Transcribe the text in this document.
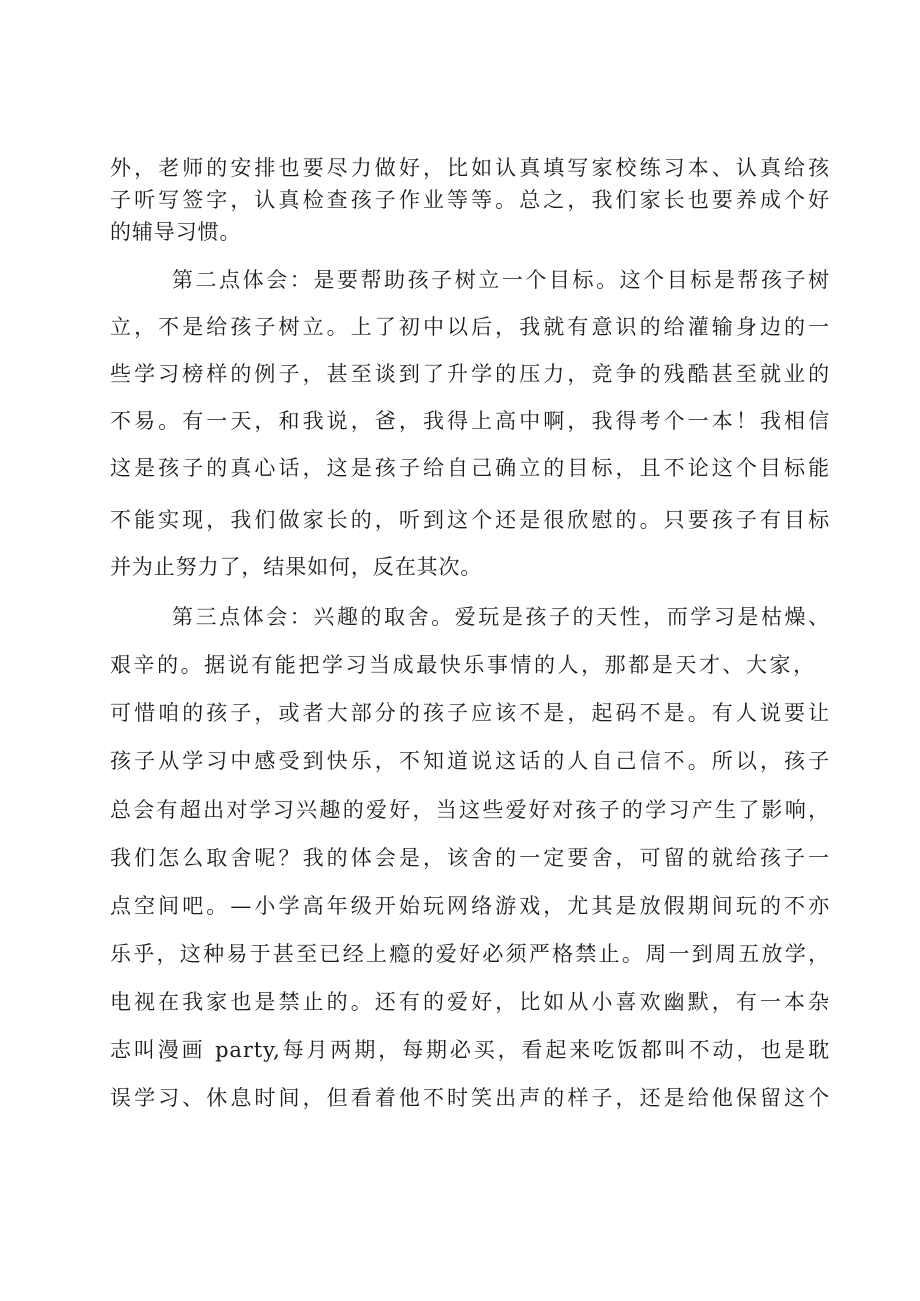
外，老师的安排也要尽力做好，比如认真填写家校练习本、认真给孩

子听写签字，认真检查孩子作业等等。总之，我们家长也要养成个好

的辅导习惯。

第二点体会：是要帮助孩子树立一个目标。这个目标是帮孩子树

立，不是给孩子树立。上了初中以后，我就有意识的给灌输身边的一

些学习榜样的例子，甚至谈到了升学的压力，竞争的残酷甚至就业的

不易。有一天，和我说，爸，我得上高中啊，我得考个一本！我相信

这是孩子的真心话，这是孩子给自己确立的目标，且不论这个目标能

不能实现，我们做家长的，听到这个还是很欣慰的。只要孩子有目标

并为止努力了，结果如何，反在其次。

第三点体会：兴趣的取舍。爱玩是孩子的天性，而学习是枯燥、

艰辛的。据说有能把学习当成最快乐事情的人，那都是天才、大家，

可惜咱的孩子，或者大部分的孩子应该不是，起码不是。有人说要让

孩子从学习中感受到快乐，不知道说这话的人自己信不。所以，孩子

总会有超出对学习兴趣的爱好，当这些爱好对孩子的学习产生了影响，

我们怎么取舍呢？我的体会是，该舍的一定要舍，可留的就给孩子一

点空间吧。—小学高年级开始玩网络游戏，尤其是放假期间玩的不亦

乐乎，这种易于甚至已经上瘾的爱好必须严格禁止。周一到周五放学，

电视在我家也是禁止的。还有的爱好，比如从小喜欢幽默，有一本杂

志叫漫画 party,每月两期，每期必买，看起来吃饭都叫不动，也是耽

误学习、休息时间，但看着他不时笑出声的样子，还是给他保留这个
